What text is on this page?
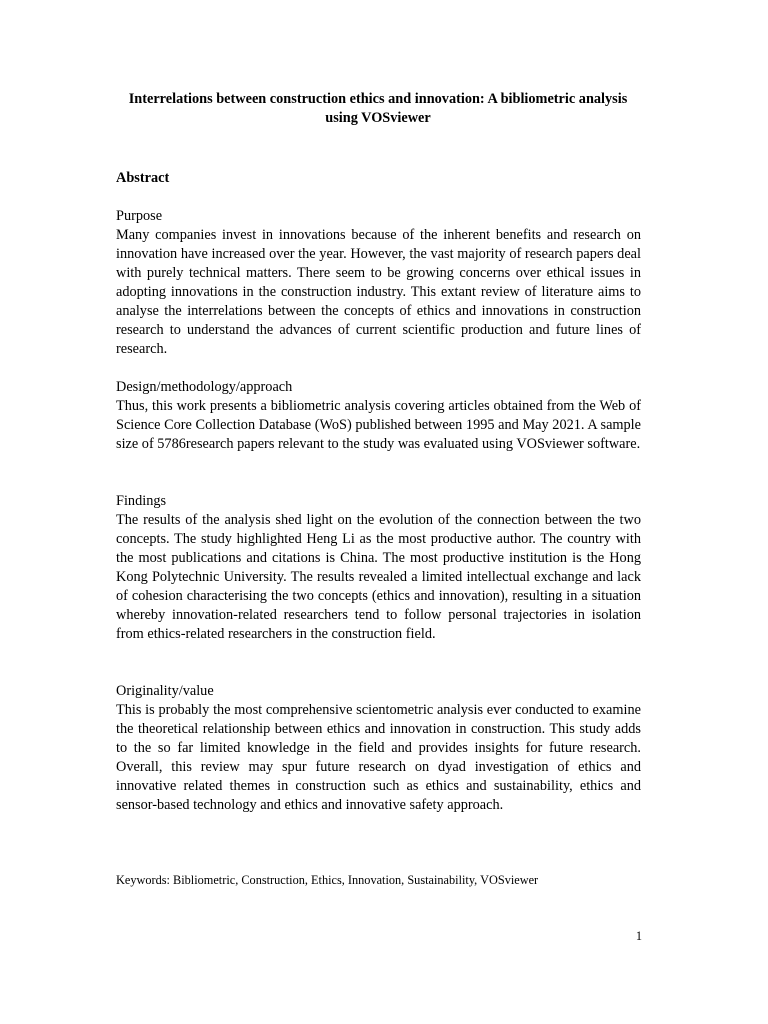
Interrelations between construction ethics and innovation: A bibliometric analysis using VOSviewer
Abstract
Purpose
Many companies invest in innovations because of the inherent benefits and research on innovation have increased over the year. However, the vast majority of research papers deal with purely technical matters. There seem to be growing concerns over ethical issues in adopting innovations in the construction industry. This extant review of literature aims to analyse the interrelations between the concepts of ethics and innovations in construction research to understand the advances of current scientific production and future lines of research.
Design/methodology/approach
Thus, this work presents a bibliometric analysis covering articles obtained from the Web of Science Core Collection Database (WoS) published between 1995 and May 2021. A sample size of 5786research papers relevant to the study was evaluated using VOSviewer software.
Findings
The results of the analysis shed light on the evolution of the connection between the two concepts. The study highlighted Heng Li as the most productive author. The country with the most publications and citations is China. The most productive institution is the Hong Kong Polytechnic University. The results revealed a limited intellectual exchange and lack of cohesion characterising the two concepts (ethics and innovation), resulting in a situation whereby innovation-related researchers tend to follow personal trajectories in isolation from ethics-related researchers in the construction field.
Originality/value
This is probably the most comprehensive scientometric analysis ever conducted to examine the theoretical relationship between ethics and innovation in construction. This study adds to the so far limited knowledge in the field and provides insights for future research. Overall, this review may spur future research on dyad investigation of ethics and innovative related themes in construction such as ethics and sustainability, ethics and sensor-based technology and ethics and innovative safety approach.
Keywords: Bibliometric, Construction, Ethics, Innovation, Sustainability, VOSviewer
1
